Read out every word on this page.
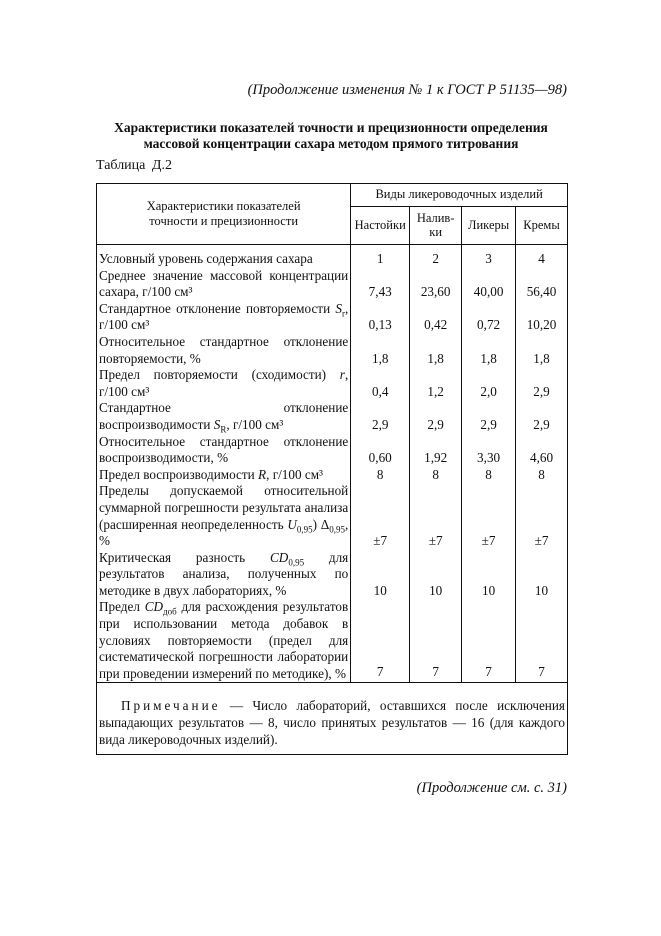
(Продолжение изменения № 1 к ГОСТ Р 51135—98)
Характеристики показателей точности и прецизионности определения
массовой концентрации сахара методом прямого титрования
Таблица Д.2
Характеристики показателей
точности и прецизионности	Виды ликероводочных изделий			
	Настойки	Налив-ки	Ликеры	Кремы

Условный уровень содержания сахара	1	2	3	4
Среднее значение массовой концентрации сахара, г/100 см³	7,43	23,60	40,00	56,40
Стандартное отклонение повторяемости $S_r$, г/100 см³	0,13	0,42	0,72	10,20
Относительное стандартное отклонение повторяемости, %	1,8	1,8	1,8	1,8
Предел повторяемости (сходимости) r, г/100 см³	0,4	1,2	2,0	2,9
Стандартное отклонение воспроизводимости $S_R$, г/100 см³	2,9	2,9	2,9	2,9
Относительное стандартное отклонение воспроизводимости, %	0,60	1,92	3,30	4,60
Предел воспроизводимости R, г/100 см³	8	8	8	8
Пределы допускаемой относительной суммарной погрешности результата анализа (расширенная неопределенность $U_{0,95}$) $\Delta_{0,95}$, %	±7	±7	±7	±7
Критическая разность $CD_{0,95}$ для результатов анализа, полученных по методике в двух лабораториях, %	10	10	10	10
Предел $CD_{доб}$ для расхождения результатов при использовании метода добавок в условиях повторяемости (предел для систематической погрешности лаборатории при проведении измерений по методике), %	7	7	7	7
Примечание — Число лабораторий, оставшихся после исключения выпадающих результатов — 8, число принятых результатов — 16 (для каждого вида ликероводочных изделий).				
(Продолжение см. с. 31)
